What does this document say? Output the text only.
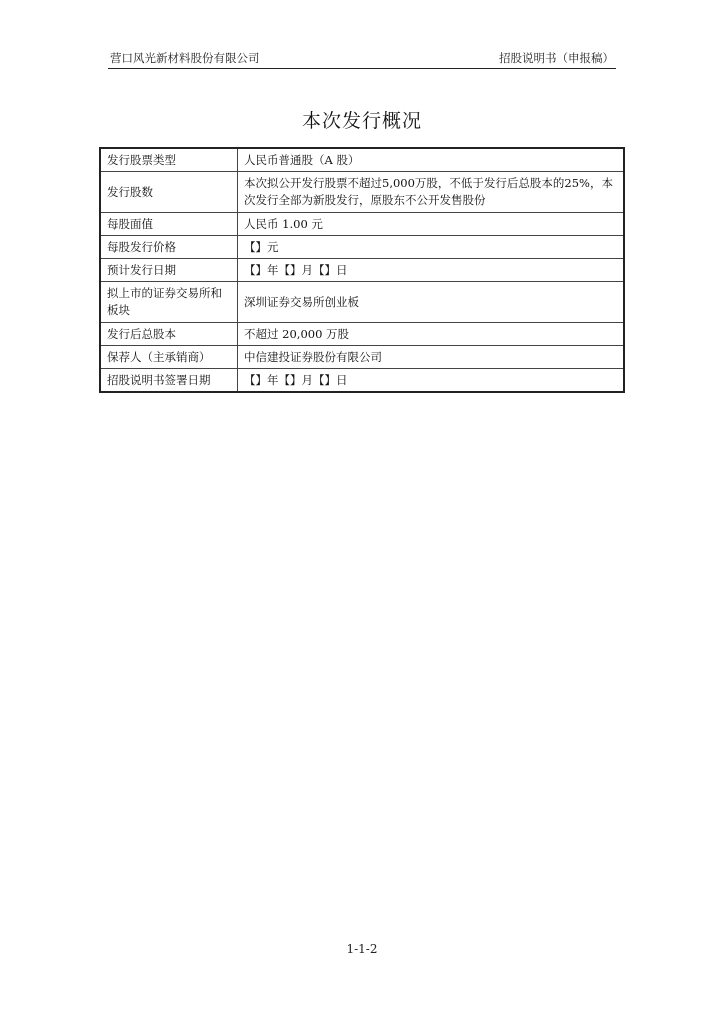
营口风光新材料股份有限公司	招股说明书（申报稿）
本次发行概况
发行股票类型	人民币普通股（A 股）
发行股数	本次拟公开发行股票不超过5,000万股，不低于发行后总股本的25%，本次发行全部为新股发行，原股东不公开发售股份
每股面值	人民币 1.00 元
每股发行价格	【】元
预计发行日期	【】年【】月【】日
拟上市的证券交易所和板块	深圳证券交易所创业板
发行后总股本	不超过 20,000 万股
保荐人（主承销商）	中信建投证券股份有限公司
招股说明书签署日期	【】年【】月【】日
1-1-2
